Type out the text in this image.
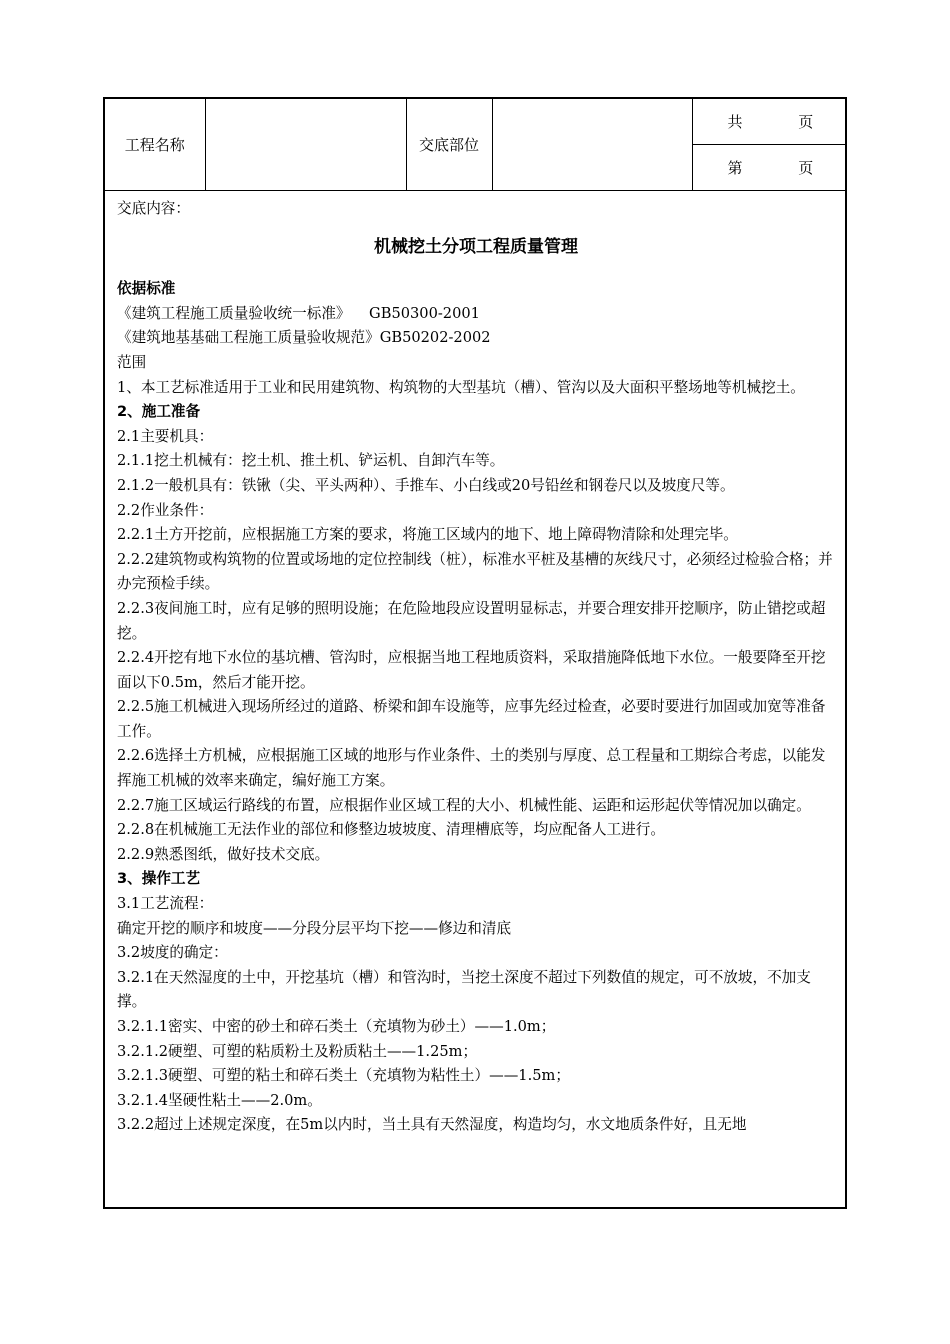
工程名称		交底部位		共	页
第	页

交底内容：

机械挖土分项工程质量管理

依据标准

《建筑工程施工质量验收统一标准》    GB50300-2001

《建筑地基基础工程施工质量验收规范》GB50202-2002

范围

1、本工艺标准适用于工业和民用建筑物、构筑物的大型基坑（槽）、管沟以及大面积平整场地等机械挖土。

2、施工准备

2.1主要机具：

2.1.1挖土机械有：挖土机、推土机、铲运机、自卸汽车等。

2.1.2一般机具有：铁锹（尖、平头两种）、手推车、小白线或20号铅丝和钢卷尺以及坡度尺等。

2.2作业条件：

2.2.1土方开挖前，应根据施工方案的要求，将施工区域内的地下、地上障碍物清除和处理完毕。

2.2.2建筑物或构筑物的位置或场地的定位控制线（桩），标准水平桩及基槽的灰线尺寸，必须经过检验合格；并办完预检手续。

2.2.3夜间施工时，应有足够的照明设施；在危险地段应设置明显标志，并要合理安排开挖顺序，防止错挖或超挖。

2.2.4开挖有地下水位的基坑槽、管沟时，应根据当地工程地质资料，采取措施降低地下水位。一般要降至开挖面以下0.5m，然后才能开挖。

2.2.5施工机械进入现场所经过的道路、桥梁和卸车设施等，应事先经过检查，必要时要进行加固或加宽等准备工作。

2.2.6选择土方机械，应根据施工区域的地形与作业条件、土的类别与厚度、总工程量和工期综合考虑，以能发挥施工机械的效率来确定，编好施工方案。

2.2.7施工区域运行路线的布置，应根据作业区域工程的大小、机械性能、运距和运形起伏等情况加以确定。

2.2.8在机械施工无法作业的部位和修整边坡坡度、清理槽底等，均应配备人工进行。

2.2.9熟悉图纸，做好技术交底。

3、操作工艺

3.1工艺流程：

确定开挖的顺序和坡度——分段分层平均下挖——修边和清底

3.2坡度的确定：

3.2.1在天然湿度的土中，开挖基坑（槽）和管沟时，当挖土深度不超过下列数值的规定，可不放坡，不加支撑。

3.2.1.1密实、中密的砂土和碎石类土（充填物为砂土）——1.0m；

3.2.1.2硬塑、可塑的粘质粉土及粉质粘土——1.25m；

3.2.1.3硬塑、可塑的粘土和碎石类土（充填物为粘性土）——1.5m；

3.2.1.4坚硬性粘土——2.0m。

3.2.2超过上述规定深度，在5m以内时，当土具有天然湿度，构造均匀，水文地质条件好，且无地
